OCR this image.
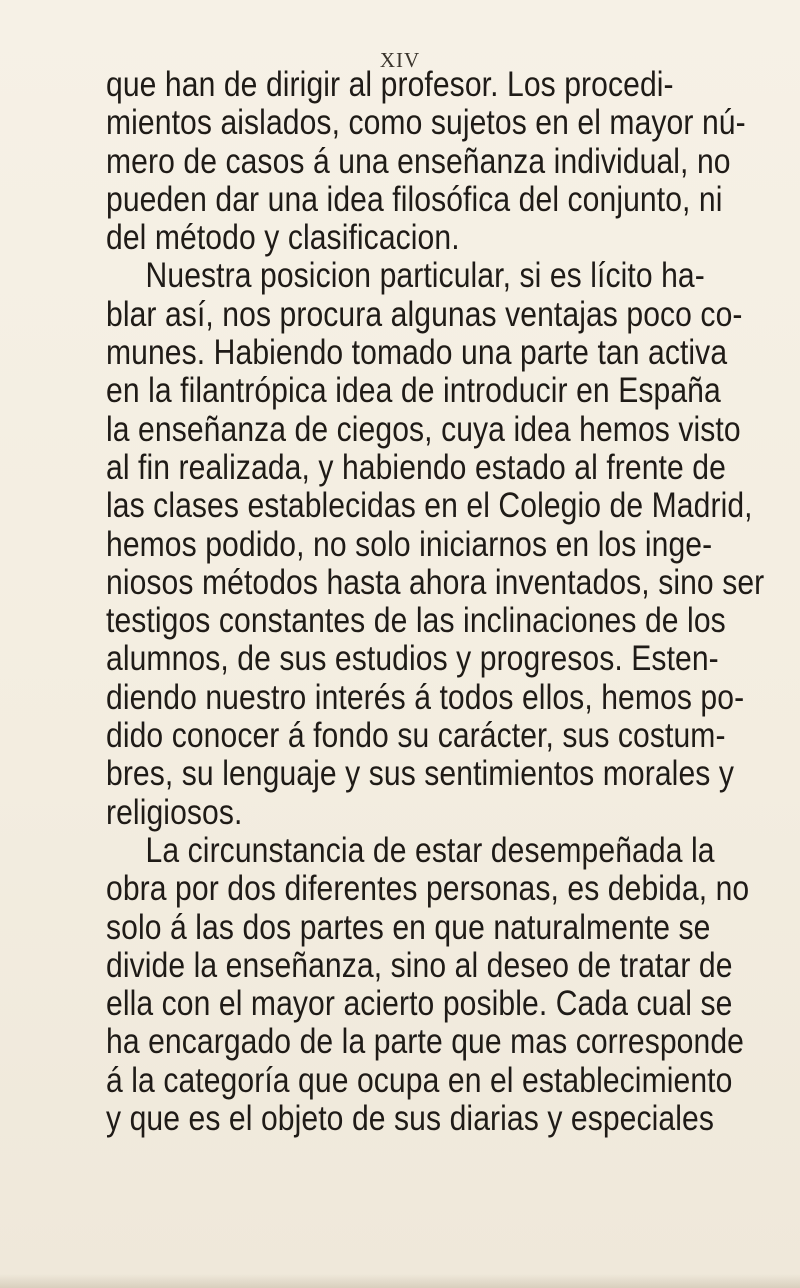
XIV
que han de dirigir al profesor. Los procedi-
mientos aislados, como sujetos en el mayor nú-
mero de casos á una enseñanza individual, no
pueden dar una idea filosófica del conjunto, ni
del método y clasificacion.
Nuestra posicion particular, si es lícito ha-
blar así, nos procura algunas ventajas poco co-
munes. Habiendo tomado una parte tan activa
en la filantrópica idea de introducir en España
la enseñanza de ciegos, cuya idea hemos visto
al fin realizada, y habiendo estado al frente de
las clases establecidas en el Colegio de Madrid,
hemos podido, no solo iniciarnos en los inge-
niosos métodos hasta ahora inventados, sino ser
testigos constantes de las inclinaciones de los
alumnos, de sus estudios y progresos. Esten-
diendo nuestro interés á todos ellos, hemos po-
dido conocer á fondo su carácter, sus costum-
bres, su lenguaje y sus sentimientos morales y
religiosos.
La circunstancia de estar desempeñada la
obra por dos diferentes personas, es debida, no
solo á las dos partes en que naturalmente se
divide la enseñanza, sino al deseo de tratar de
ella con el mayor acierto posible. Cada cual se
ha encargado de la parte que mas corresponde
á la categoría que ocupa en el establecimiento
y que es el objeto de sus diarias y especiales
